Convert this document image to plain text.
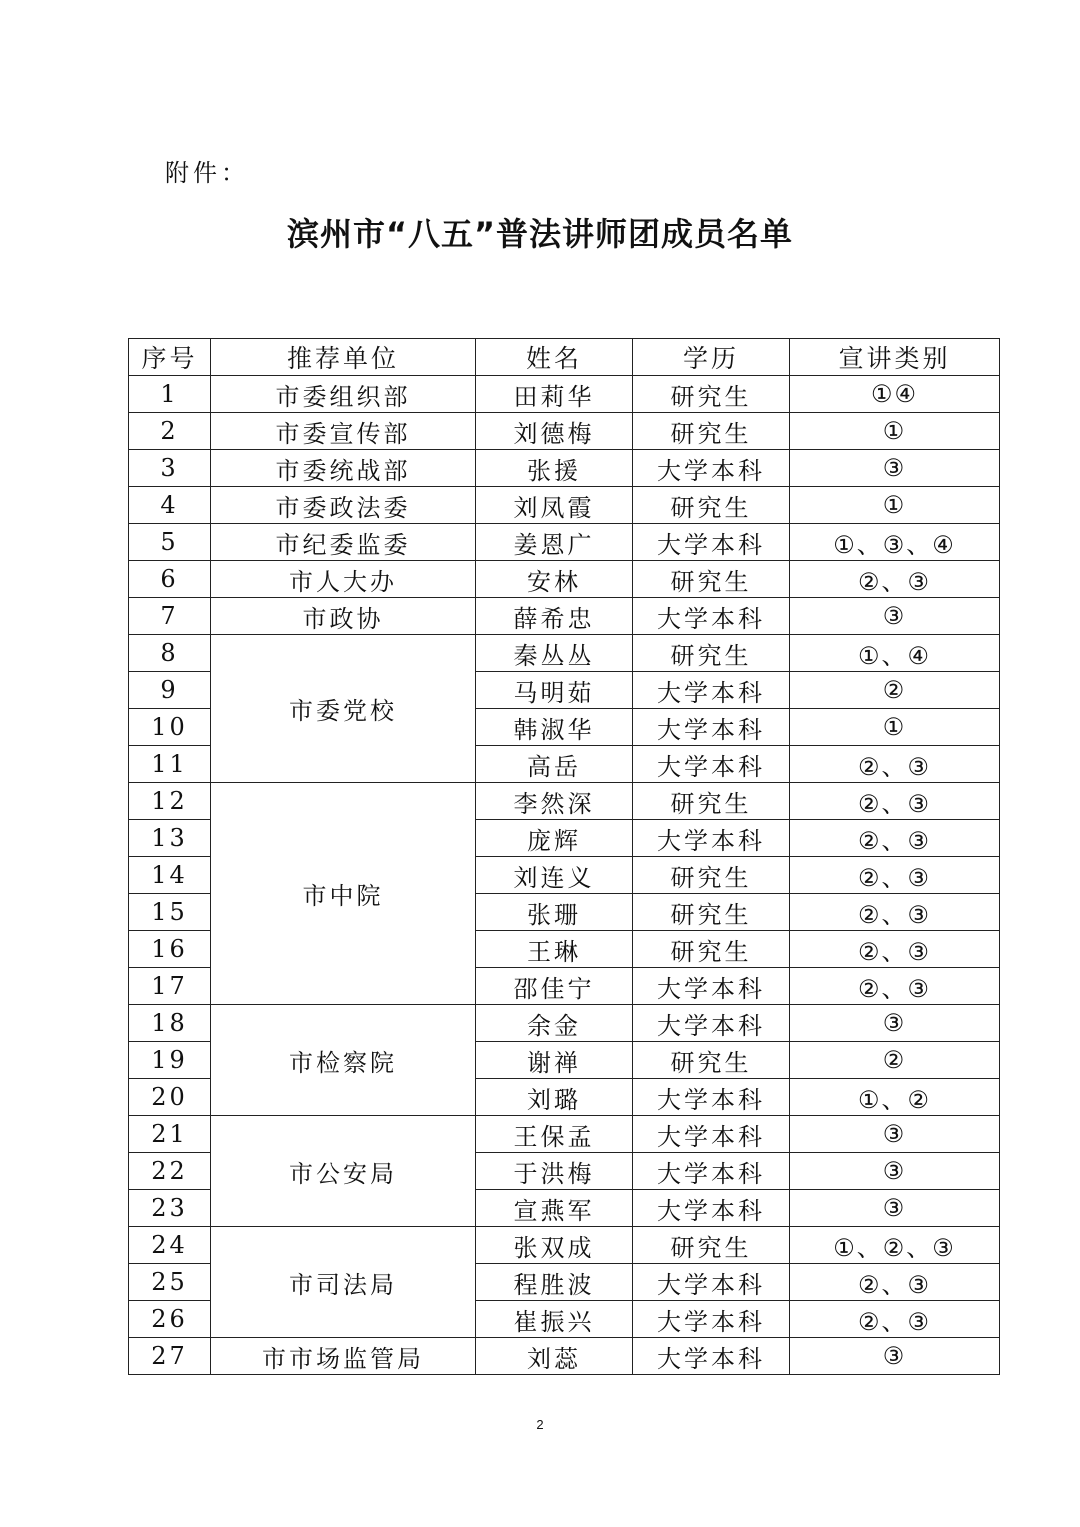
附件：
滨州市“八五”普法讲师团成员名单
序号	推荐单位	姓名	学历	宣讲类别
1	市委组织部	田莉华	研究生	①④
2	市委宣传部	刘德梅	研究生	①
3	市委统战部	张援	大学本科	③
4	市委政法委	刘凤霞	研究生	①
5	市纪委监委	姜恩广	大学本科	①、③、④
6	市人大办	安林	研究生	②、③
7	市政协	薛希忠	大学本科	③
8	市委党校	秦丛丛	研究生	①、④
9		马明茹	大学本科	②
10		韩淑华	大学本科	①
11		高岳	大学本科	②、③
12	市中院	李然深	研究生	②、③
13		庞辉	大学本科	②、③
14		刘连义	研究生	②、③
15		张珊	研究生	②、③
16		王琳	研究生	②、③
17		邵佳宁	大学本科	②、③
18	市检察院	余金	大学本科	③
19		谢禅	研究生	②
20		刘璐	大学本科	①、②
21	市公安局	王保孟	大学本科	③
22		于洪梅	大学本科	③
23		宣燕军	大学本科	③
24	市司法局	张双成	研究生	①、②、③
25		程胜波	大学本科	②、③
26		崔振兴	大学本科	②、③
27	市市场监管局	刘蕊	大学本科	③
2
